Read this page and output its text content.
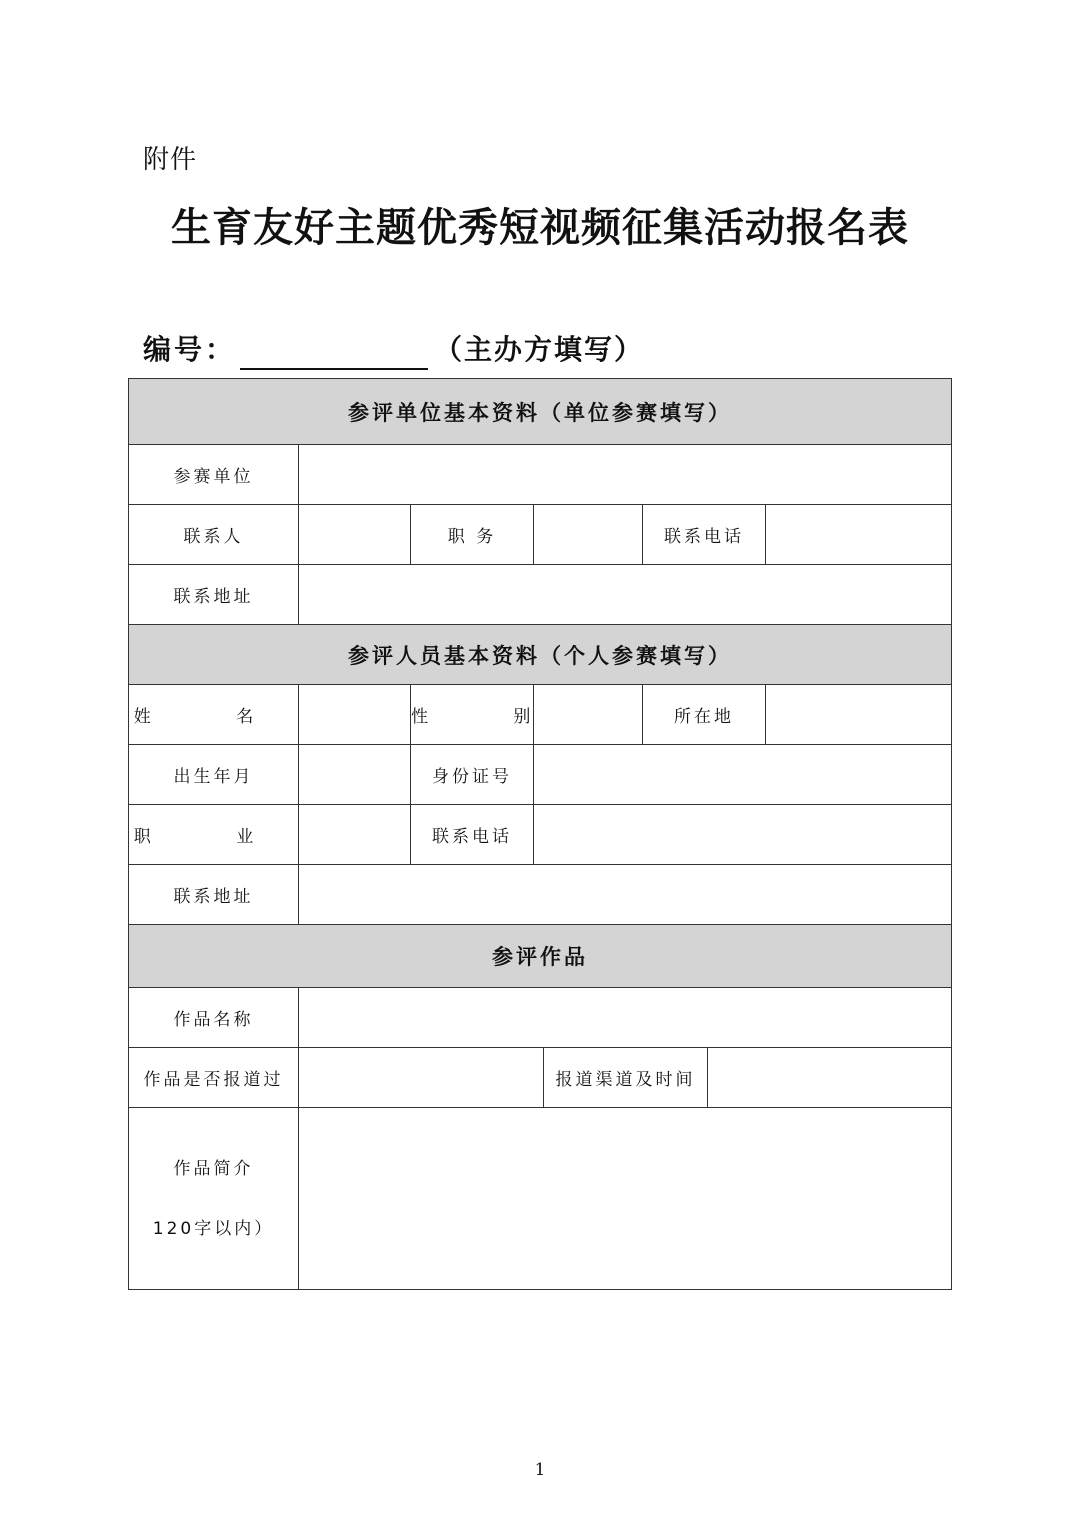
附件
生育友好主题优秀短视频征集活动报名表
编号：	（主办方填写）
参评单位基本资料（单位参赛填写）							
参赛单位							
联系人		职 务			联系电话		
联系地址							
参评人员基本资料（个人参赛填写）							
姓 名		性 别			所在地		
出生年月		身份证号					
职 业		联系电话					
联系地址							
参评作品							
作品名称							
作品是否报道过				报道渠道及时间			

作品简介
120字以内）							

1
